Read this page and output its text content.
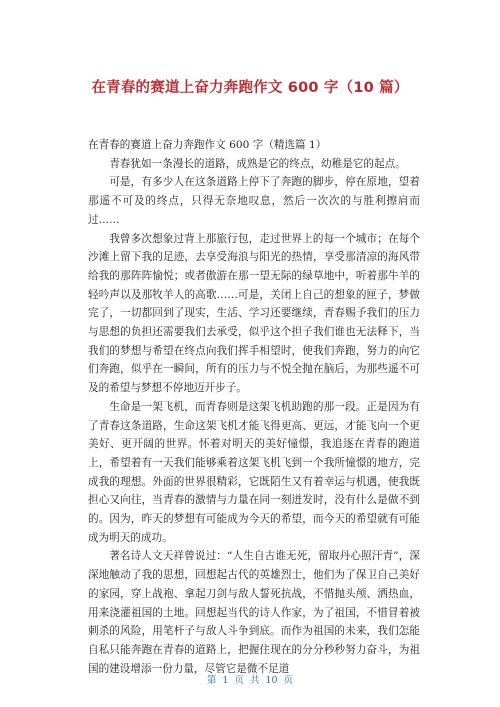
在青春的赛道上奋力奔跑作文 600 字（10 篇）

在青春的赛道上奋力奔跑作文 600 字（精选篇 1）

青春犹如一条漫长的道路，成熟是它的终点，幼稚是它的起点。

可是，有多少人在这条道路上停下了奔跑的脚步，停在原地，望着那遥不可及的终点，只得无奈地叹息，然后一次次的与胜利擦肩而过……

我曾多次想象过背上那旅行包，走过世界上的每一个城市；在每个沙滩上留下我的足迹，去享受海浪与阳光的热情，享受那清凉的海风带给我的那阵阵愉悦；或者傲游在那一望无际的绿草地中，听着那牛羊的轻吟声以及那牧羊人的高歌……可是，关闭上自己的想象的匣子，梦做完了，一切都回到了现实，生活、学习还要继续，青春赐予我们的压力与思想的负担还需要我们去承受，似乎这个担子我们谁也无法释下，当我们的梦想与希望在终点向我们挥手相望时，使我们奔跑，努力的向它们奔跑，似乎在一瞬间，所有的压力与不悦全抛在脑后，为那些遥不可及的希望与梦想不停地迈开步子。

生命是一架飞机，而青春则是这架飞机助跑的那一段。正是因为有了青春这条道路，生命这架飞机才能飞得更高、更远，才能飞向一个更美好、更开阔的世界。怀着对明天的美好憧憬，我追逐在青春的跑道上，希望着有一天我们能够乘着这架飞机飞到一个我所憧憬的地方，完成我的理想。外面的世界很精彩，它既陌生又有着幸运与机遇，使我既担心又向往，当青春的激情与力量在同一刻迸发时，没有什么是做不到的。因为，昨天的梦想有可能成为今天的希望，而今天的希望就有可能成为明天的成功。

著名诗人文天祥曾说过：“人生自古谁无死，留取丹心照汗青”，深深地触动了我的思想，回想起古代的英雄烈士，他们为了保卫自己美好的家园，穿上战袍、拿起刀剑与敌人誓死抗战，不惜抛头颅、洒热血，用来浇灌祖国的土地。回想起当代的诗人作家，为了祖国，不惜冒着被刺杀的风险，用笔杆子与敌人斗争到底。而作为祖国的未来，我们怎能自私只能奔跑在青春的道路上，把握住现在的分分秒秒努力奋斗，为祖国的建设增添一份力量，尽管它是微不足道

第 1 页 共 10 页
